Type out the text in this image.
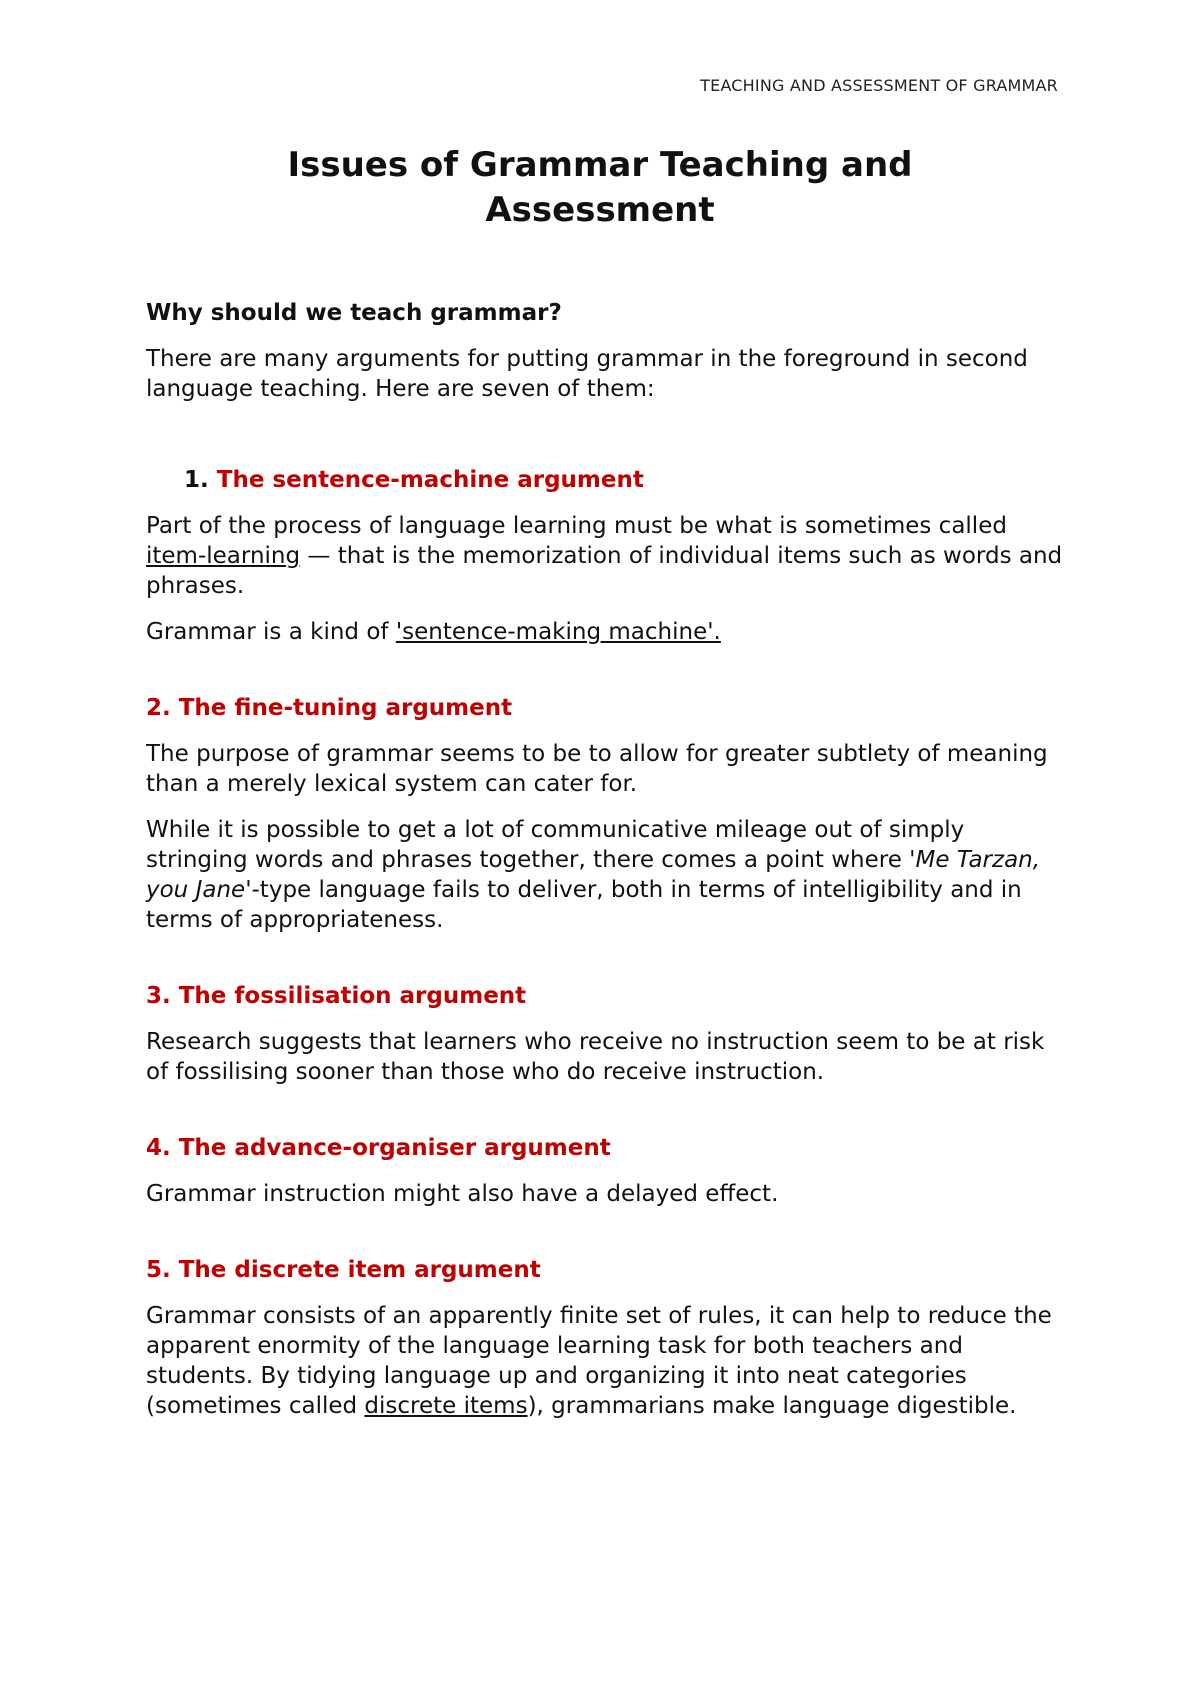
TEACHING AND ASSESSMENT OF GRAMMAR
Issues of Grammar Teaching and
Assessment
Why should we teach grammar?

There are many arguments for putting grammar in the foreground in second language teaching. Here are seven of them:

1. The sentence-machine argument

Part of the process of language learning must be what is sometimes called item-learning — that is the memorization of individual items such as words and phrases.

Grammar is a kind of 'sentence-making machine'.

2. The fine-tuning argument

The purpose of grammar seems to be to allow for greater subtlety of meaning than a merely lexical system can cater for.

While it is possible to get a lot of communicative mileage out of simply stringing words and phrases together, there comes a point where 'Me Tarzan, you Jane'-type language fails to deliver, both in terms of intelligibility and in terms of appropriateness.

3. The fossilisation argument

Research suggests that learners who receive no instruction seem to be at risk of fossilising sooner than those who do receive instruction.

4. The advance-organiser argument

Grammar instruction might also have a delayed effect.

5. The discrete item argument

Grammar consists of an apparently finite set of rules, it can help to reduce the apparent enormity of the language learning task for both teachers and students. By tidying language up and organizing it into neat categories (sometimes called discrete items), grammarians make language digestible.
